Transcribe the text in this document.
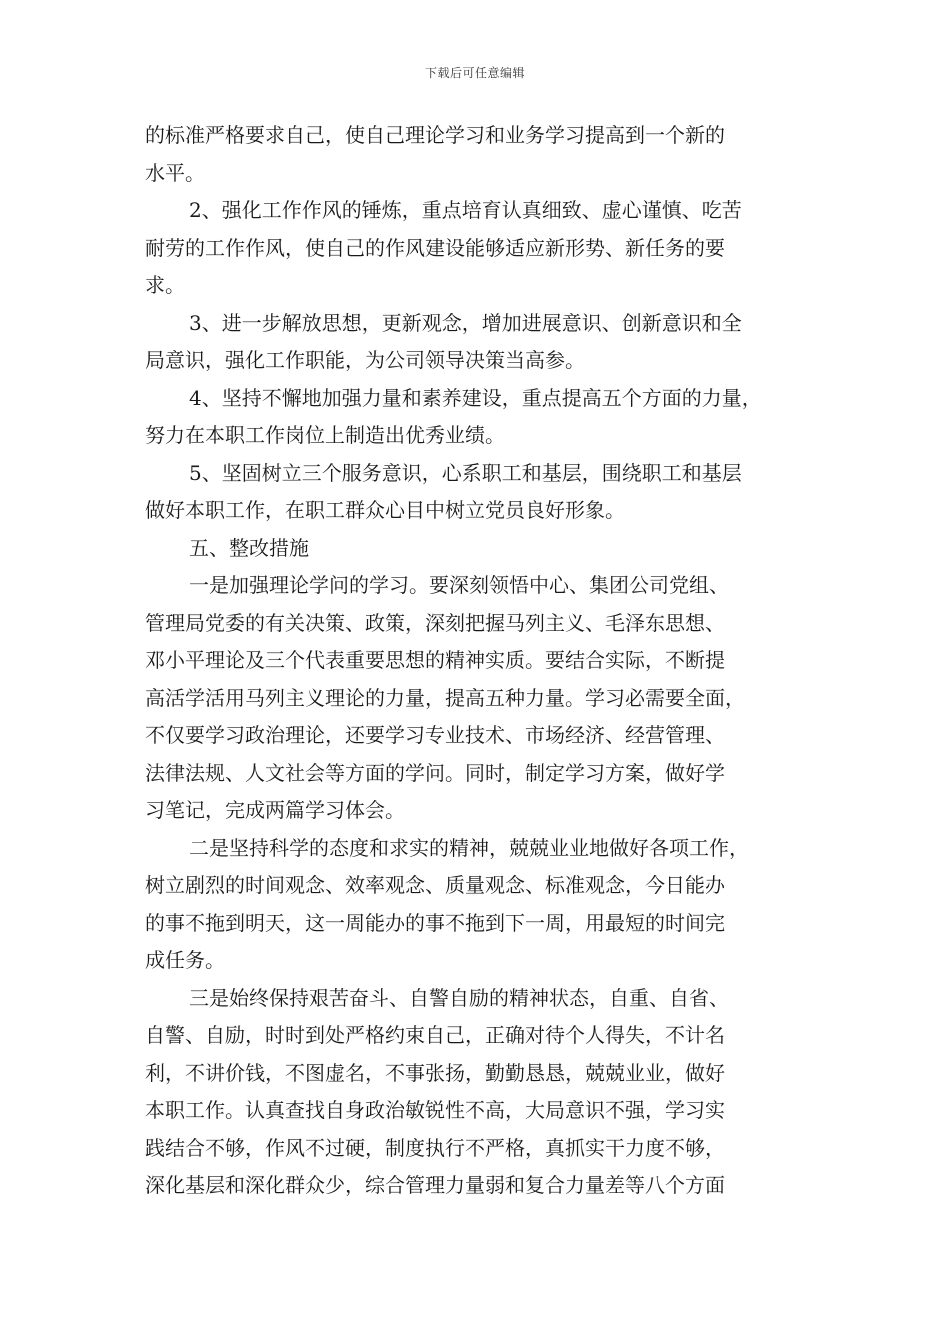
下载后可任意编辑
的标准严格要求自己，使自己理论学习和业务学习提高到一个新的
水平。
2、强化工作作风的锤炼，重点培育认真细致、虚心谨慎、吃苦
耐劳的工作作风，使自己的作风建设能够适应新形势、新任务的要
求。
3、进一步解放思想，更新观念，增加进展意识、创新意识和全
局意识，强化工作职能，为公司领导决策当高参。
4、坚持不懈地加强力量和素养建设，重点提高五个方面的力量，
努力在本职工作岗位上制造出优秀业绩。
5、坚固树立三个服务意识，心系职工和基层，围绕职工和基层
做好本职工作，在职工群众心目中树立党员良好形象。
五、整改措施
一是加强理论学问的学习。要深刻领悟中心、集团公司党组、
管理局党委的有关决策、政策，深刻把握马列主义、毛泽东思想、
邓小平理论及三个代表重要思想的精神实质。要结合实际，不断提
高活学活用马列主义理论的力量，提高五种力量。学习必需要全面，
不仅要学习政治理论，还要学习专业技术、市场经济、经营管理、
法律法规、人文社会等方面的学问。同时，制定学习方案，做好学
习笔记，完成两篇学习体会。
二是坚持科学的态度和求实的精神，兢兢业业地做好各项工作，
树立剧烈的时间观念、效率观念、质量观念、标准观念，今日能办
的事不拖到明天，这一周能办的事不拖到下一周，用最短的时间完
成任务。
三是始终保持艰苦奋斗、自警自励的精神状态，自重、自省、
自警、自励，时时到处严格约束自己，正确对待个人得失，不计名
利，不讲价钱，不图虚名，不事张扬，勤勤恳恳，兢兢业业，做好
本职工作。认真查找自身政治敏锐性不高，大局意识不强，学习实
践结合不够，作风不过硬，制度执行不严格，真抓实干力度不够，
深化基层和深化群众少，综合管理力量弱和复合力量差等八个方面
